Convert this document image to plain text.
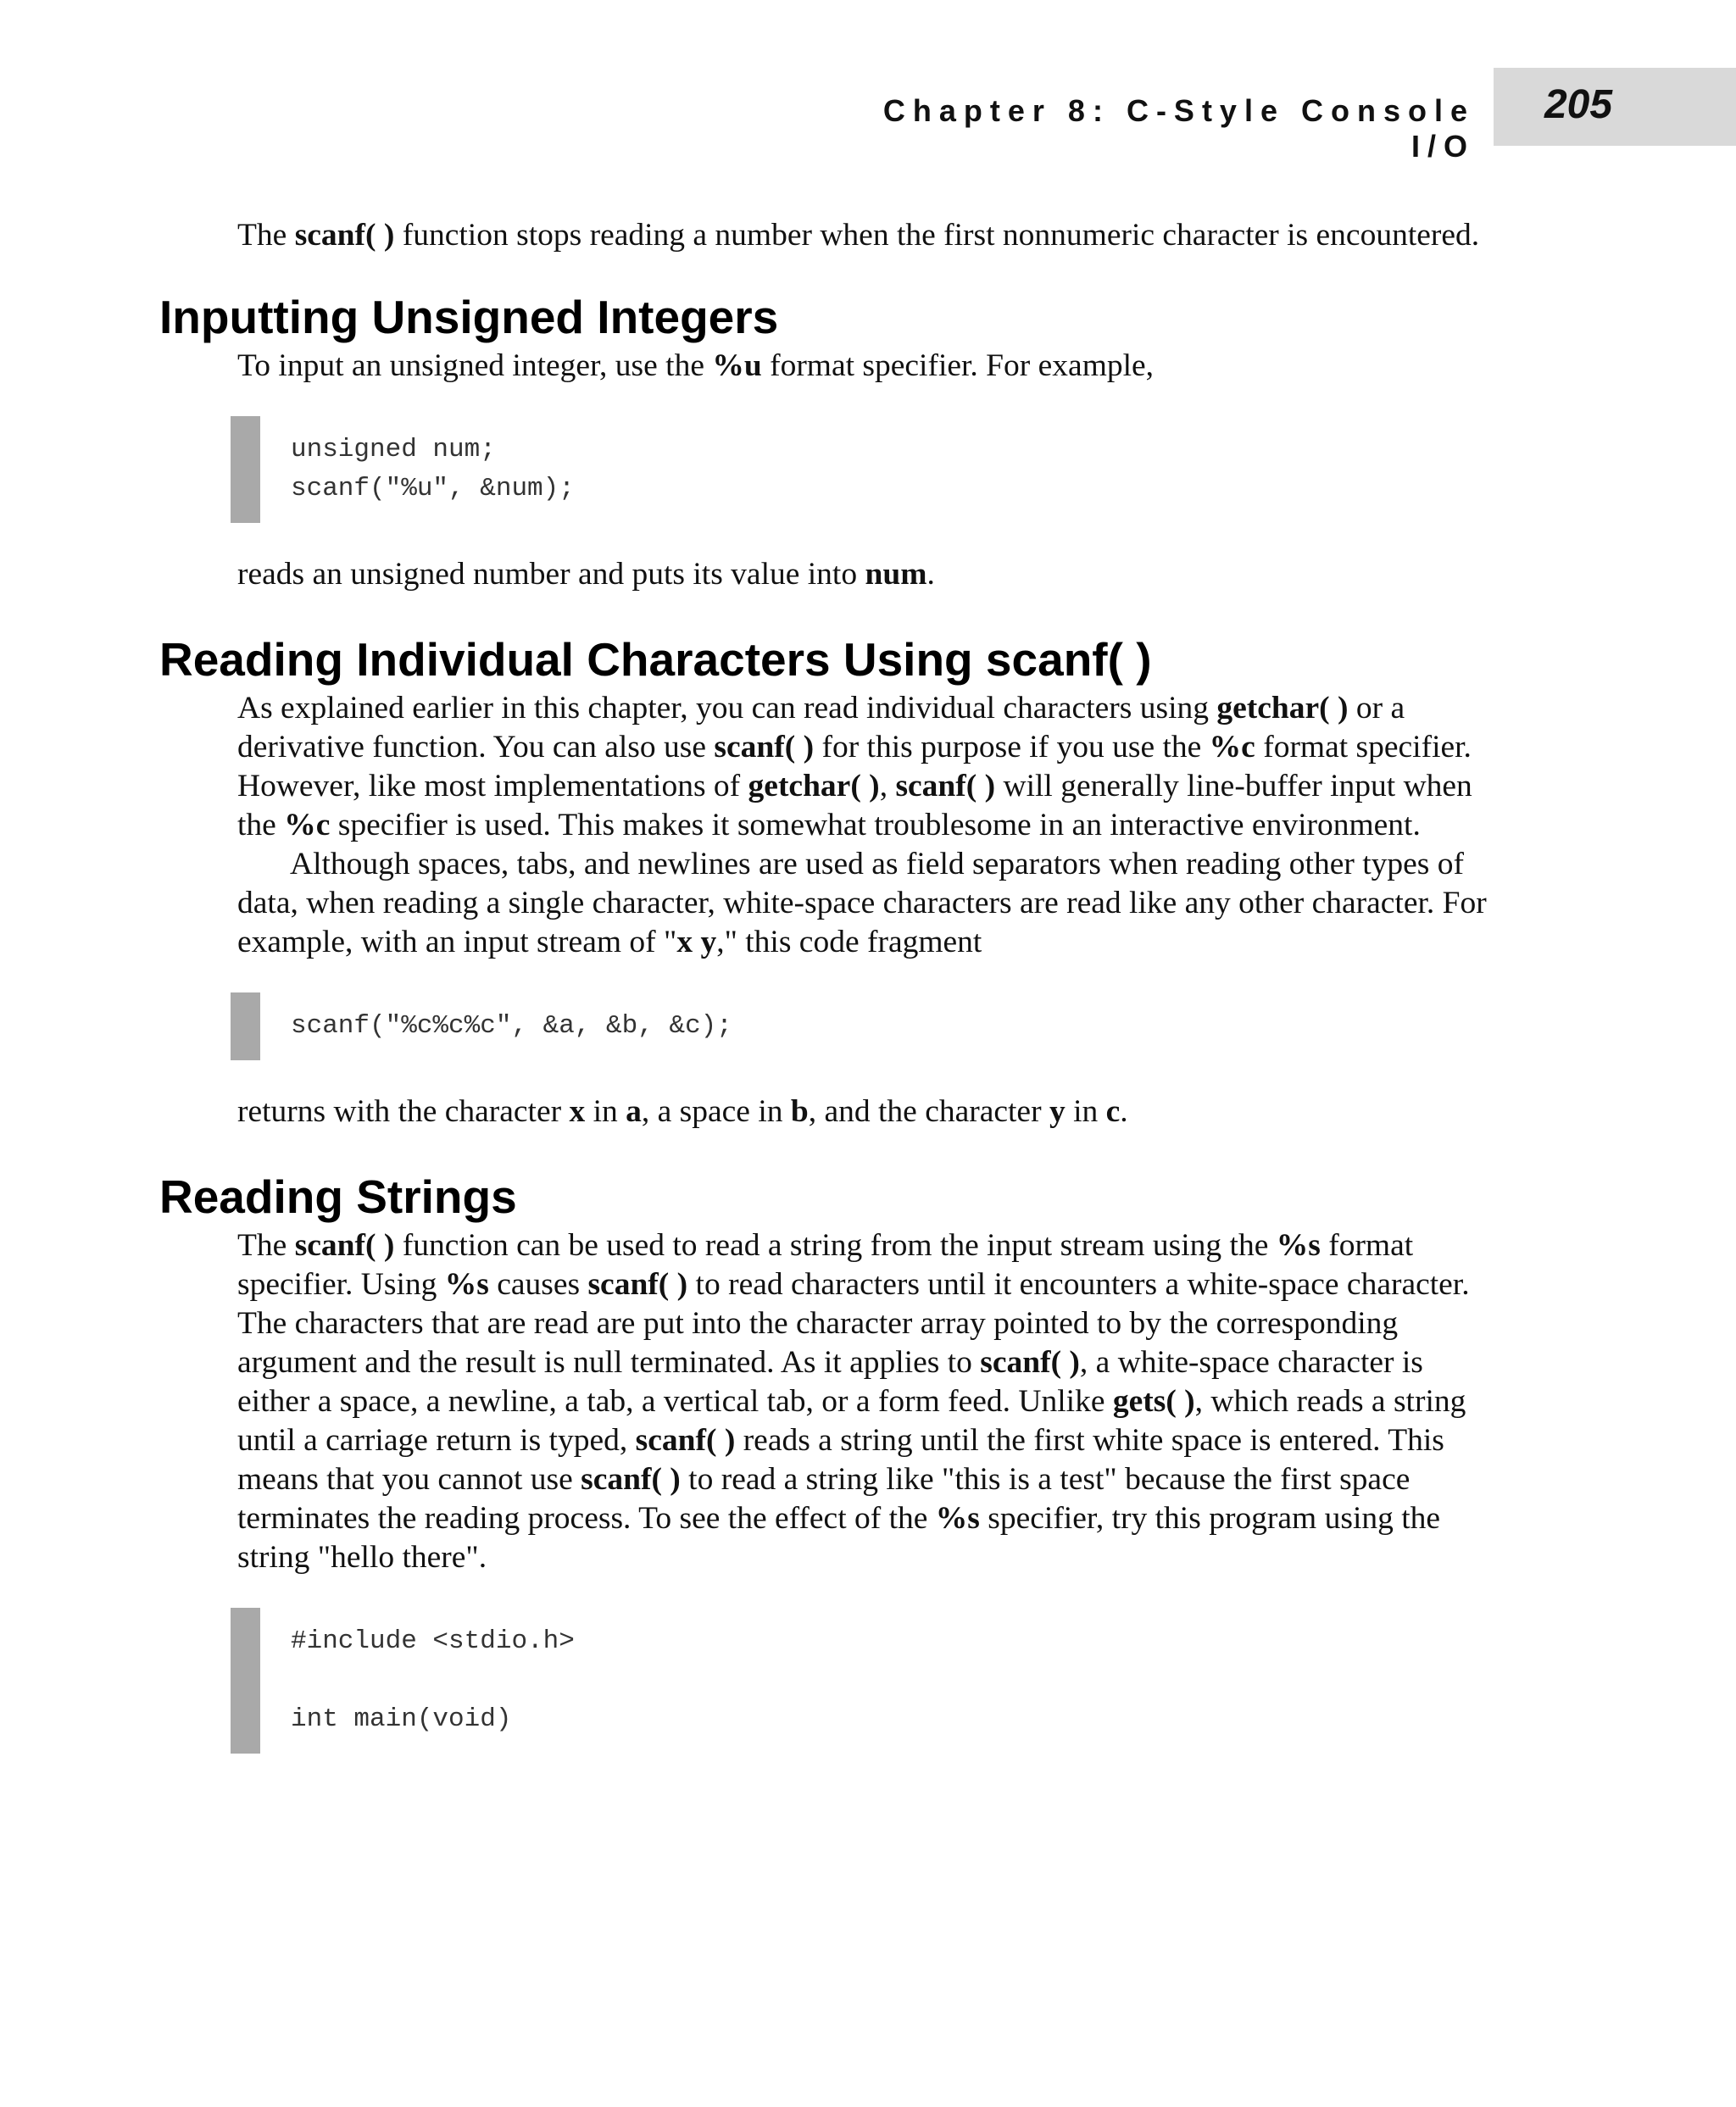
Chapter 8: C-Style Console I/O
205

The scanf( ) function stops reading a number when the first nonnumeric character is encountered.

Inputting Unsigned Integers

To input an unsigned integer, use the %u format specifier. For example,

unsigned num;
scanf("%u", &num);

reads an unsigned number and puts its value into num.

Reading Individual Characters Using scanf( )

As explained earlier in this chapter, you can read individual characters using getchar( ) or a derivative function. You can also use scanf( ) for this purpose if you use the %c format specifier. However, like most implementations of getchar( ), scanf( ) will generally line-buffer input when the %c specifier is used. This makes it somewhat troublesome in an interactive environment.

Although spaces, tabs, and newlines are used as field separators when reading other types of data, when reading a single character, white-space characters are read like any other character. For example, with an input stream of "x y," this code fragment

scanf("%c%c%c", &a, &b, &c);

returns with the character x in a, a space in b, and the character y in c.

Reading Strings

The scanf( ) function can be used to read a string from the input stream using the %s format specifier. Using %s causes scanf( ) to read characters until it encounters a white-space character. The characters that are read are put into the character array pointed to by the corresponding argument and the result is null terminated. As it applies to scanf( ), a white-space character is either a space, a newline, a tab, a vertical tab, or a form feed. Unlike gets( ), which reads a string until a carriage return is typed, scanf( ) reads a string until the first white space is entered. This means that you cannot use scanf( ) to read a string like "this is a test" because the first space terminates the reading process. To see the effect of the %s specifier, try this program using the string "hello there".

#include <stdio.h>
int main(void)
